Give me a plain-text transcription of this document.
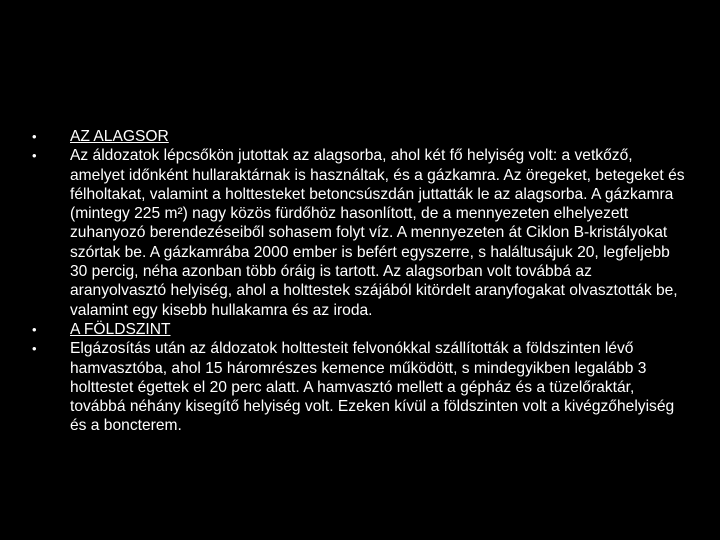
• AZ ALAGSOR
• Az áldozatok lépcsőkön jutottak az alagsorba, ahol két fő helyiség volt: a vetkőző, amelyet időnként hullaraktárnak is használtak, és a gázkamra. Az öregeket, betegeket és félholtakat, valamint a holttesteket betoncsúszdán juttatták le az alagsorba. A gázkamra (mintegy 225 m²) nagy közös fürdőhöz hasonlított, de a mennyezeten elhelyezett zuhanyozó berendezéseiből sohasem folyt víz. A mennyezeten át Ciklon B-kristályokat szórtak be. A gázkamrába 2000 ember is befért egyszerre, s haláltusájuk 20, legfeljebb 30 percig, néha azonban több óráig is tartott. Az alagsorban volt továbbá az aranyolvasztó helyiség, ahol a holttestek szájából kitördelt aranyfogakat olvasztották be, valamint egy kisebb hullakamra és az iroda.
• A FÖLDSZINT
• Elgázosítás után az áldozatok holttesteit felvonókkal szállították a földszinten lévő hamvasztóba, ahol 15 háromrészes kemence működött, s mindegyikben legalább 3 holttestet égettek el 20 perc alatt. A hamvasztó mellett a gépház és a tüzelőraktár, továbbá néhány kisegítő helyiség volt. Ezeken kívül a földszinten volt a kivégzőhelyiség és a boncterem.
